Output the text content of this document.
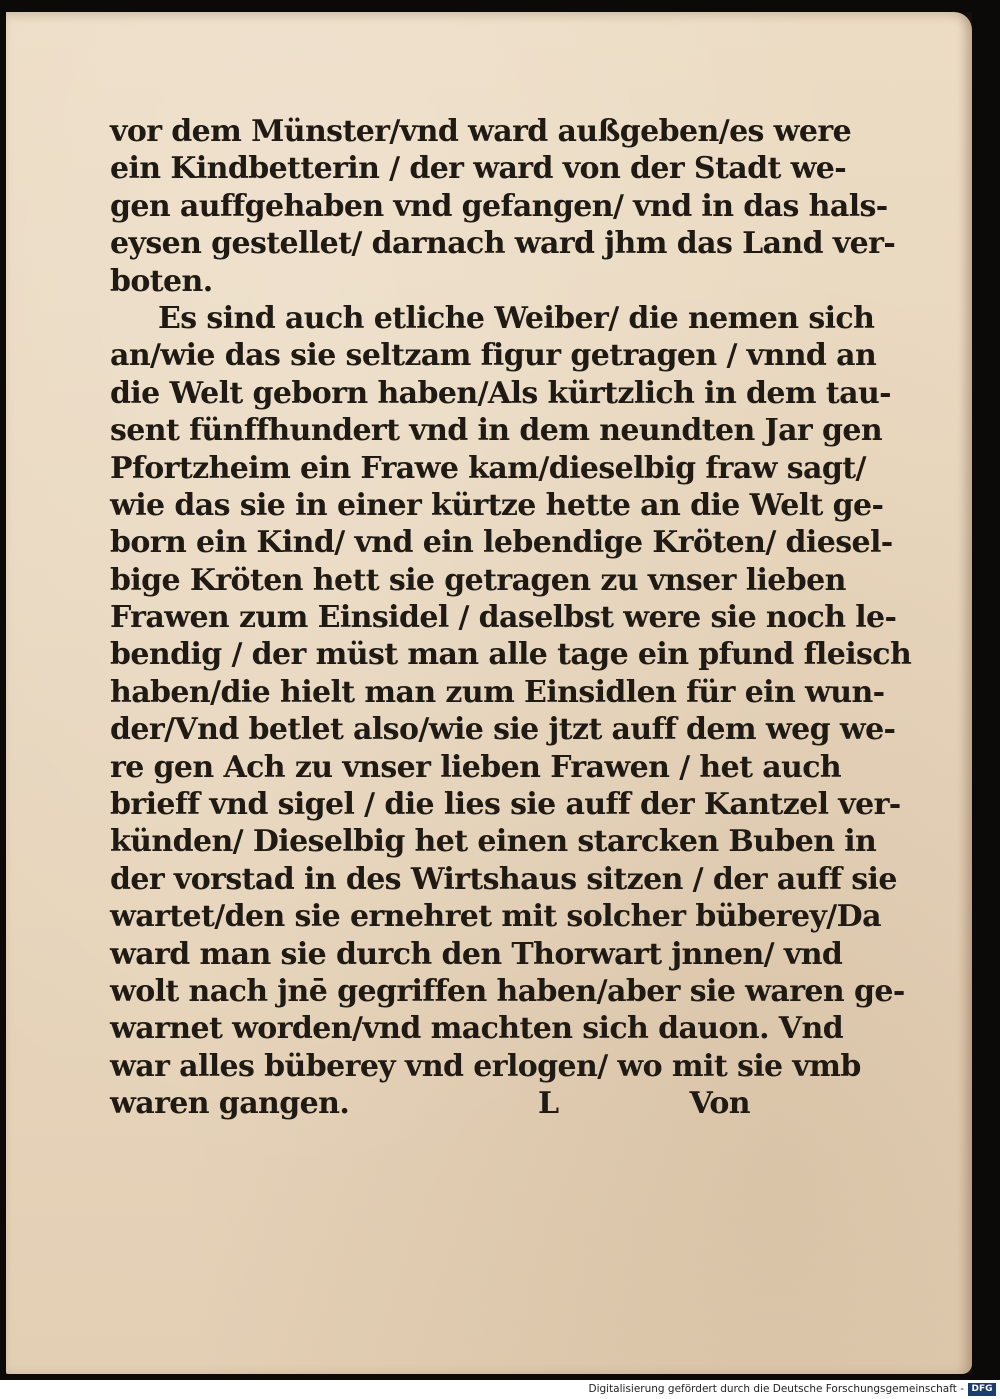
vor dem Münster/vnd ward außgeben/es were
ein Kindbetterin / der ward von der Stadt we-
gen auffgehaben vnd gefangen/ vnd in das hals-
eysen gestellet/ darnach ward jhm das Land ver-
boten.
Es sind auch etliche Weiber/ die nemen sich
an/wie das sie seltzam figur getragen / vnnd an
die Welt geborn haben/Als kürtzlich in dem tau-
sent fünffhundert vnd in dem neundten Jar gen
Pfortzheim ein Frawe kam/dieselbig fraw sagt/
wie das sie in einer kürtze hette an die Welt ge-
born ein Kind/ vnd ein lebendige Kröten/ diesel-
bige Kröten hett sie getragen zu vnser lieben
Frawen zum Einsidel / daselbst were sie noch le-
bendig / der müst man alle tage ein pfund fleisch
haben/die hielt man zum Einsidlen für ein wun-
der/Vnd betlet also/wie sie jtzt auff dem weg we-
re gen Ach zu vnser lieben Frawen / het auch
brieff vnd sigel / die lies sie auff der Kantzel ver-
künden/ Dieselbig het einen starcken Buben in
der vorstad in des Wirtshaus sitzen / der auff sie
wartet/den sie ernehret mit solcher büberey/Da
ward man sie durch den Thorwart jnnen/ vnd
wolt nach jnē gegriffen haben/aber sie waren ge-
warnet worden/vnd machten sich dauon. Vnd
war alles büberey vnd erlogen/ wo mit sie vmb
waren gangen.	L	Von
Digitalisierung gefördert durch die Deutsche Forschungsgemeinschaft - DFG
